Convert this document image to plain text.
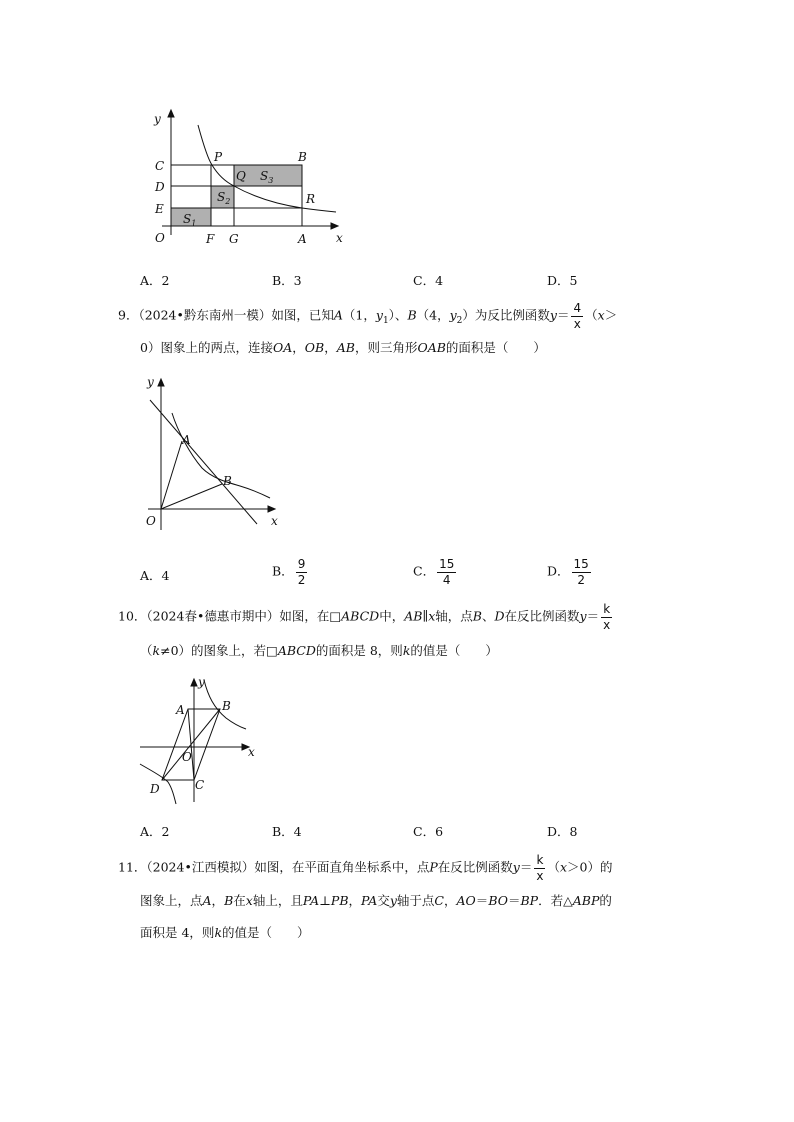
y
x
O
C
D
E
F G	A
P	B
Q
R
$S_3$
$S_2$
$S_1$
A．2	B．3	C．4	D．5
9．（2024•黔东南州一模）如图，已知A（1，$y_1$）、B（4，$y_2$）为反比例函数$y= \frac{4}{x} (x>$
0）图象上的两点，连接OA，OB，AB，则三角形OAB的面积是（　　）
y
x
O
A
B
A．4	B． $\frac{9}{2}$	C． $\frac{15}{4}$	D． $\frac{15}{2}$
10．（2024春•德惠市期中）如图，在□ABCD中，AB∥x轴，点B、D在反比例函数$y= \frac{k}{x}$
（k≠0）的图象上，若□ABCD的面积是 8，则k的值是（　　）
y
x
O
A	B
C
D
A．2	B．4	C．6	D．8
11．（2024•江西模拟）如图，在平面直角坐标系中，点P在反比例函数$y= \frac{k}{x} (x>0)$的
图象上，点A，B在x轴上，且PA⊥PB，PA交y轴于点C，AO＝BO＝BP．若△ABP的
面积是 4，则k的值是（　　）
